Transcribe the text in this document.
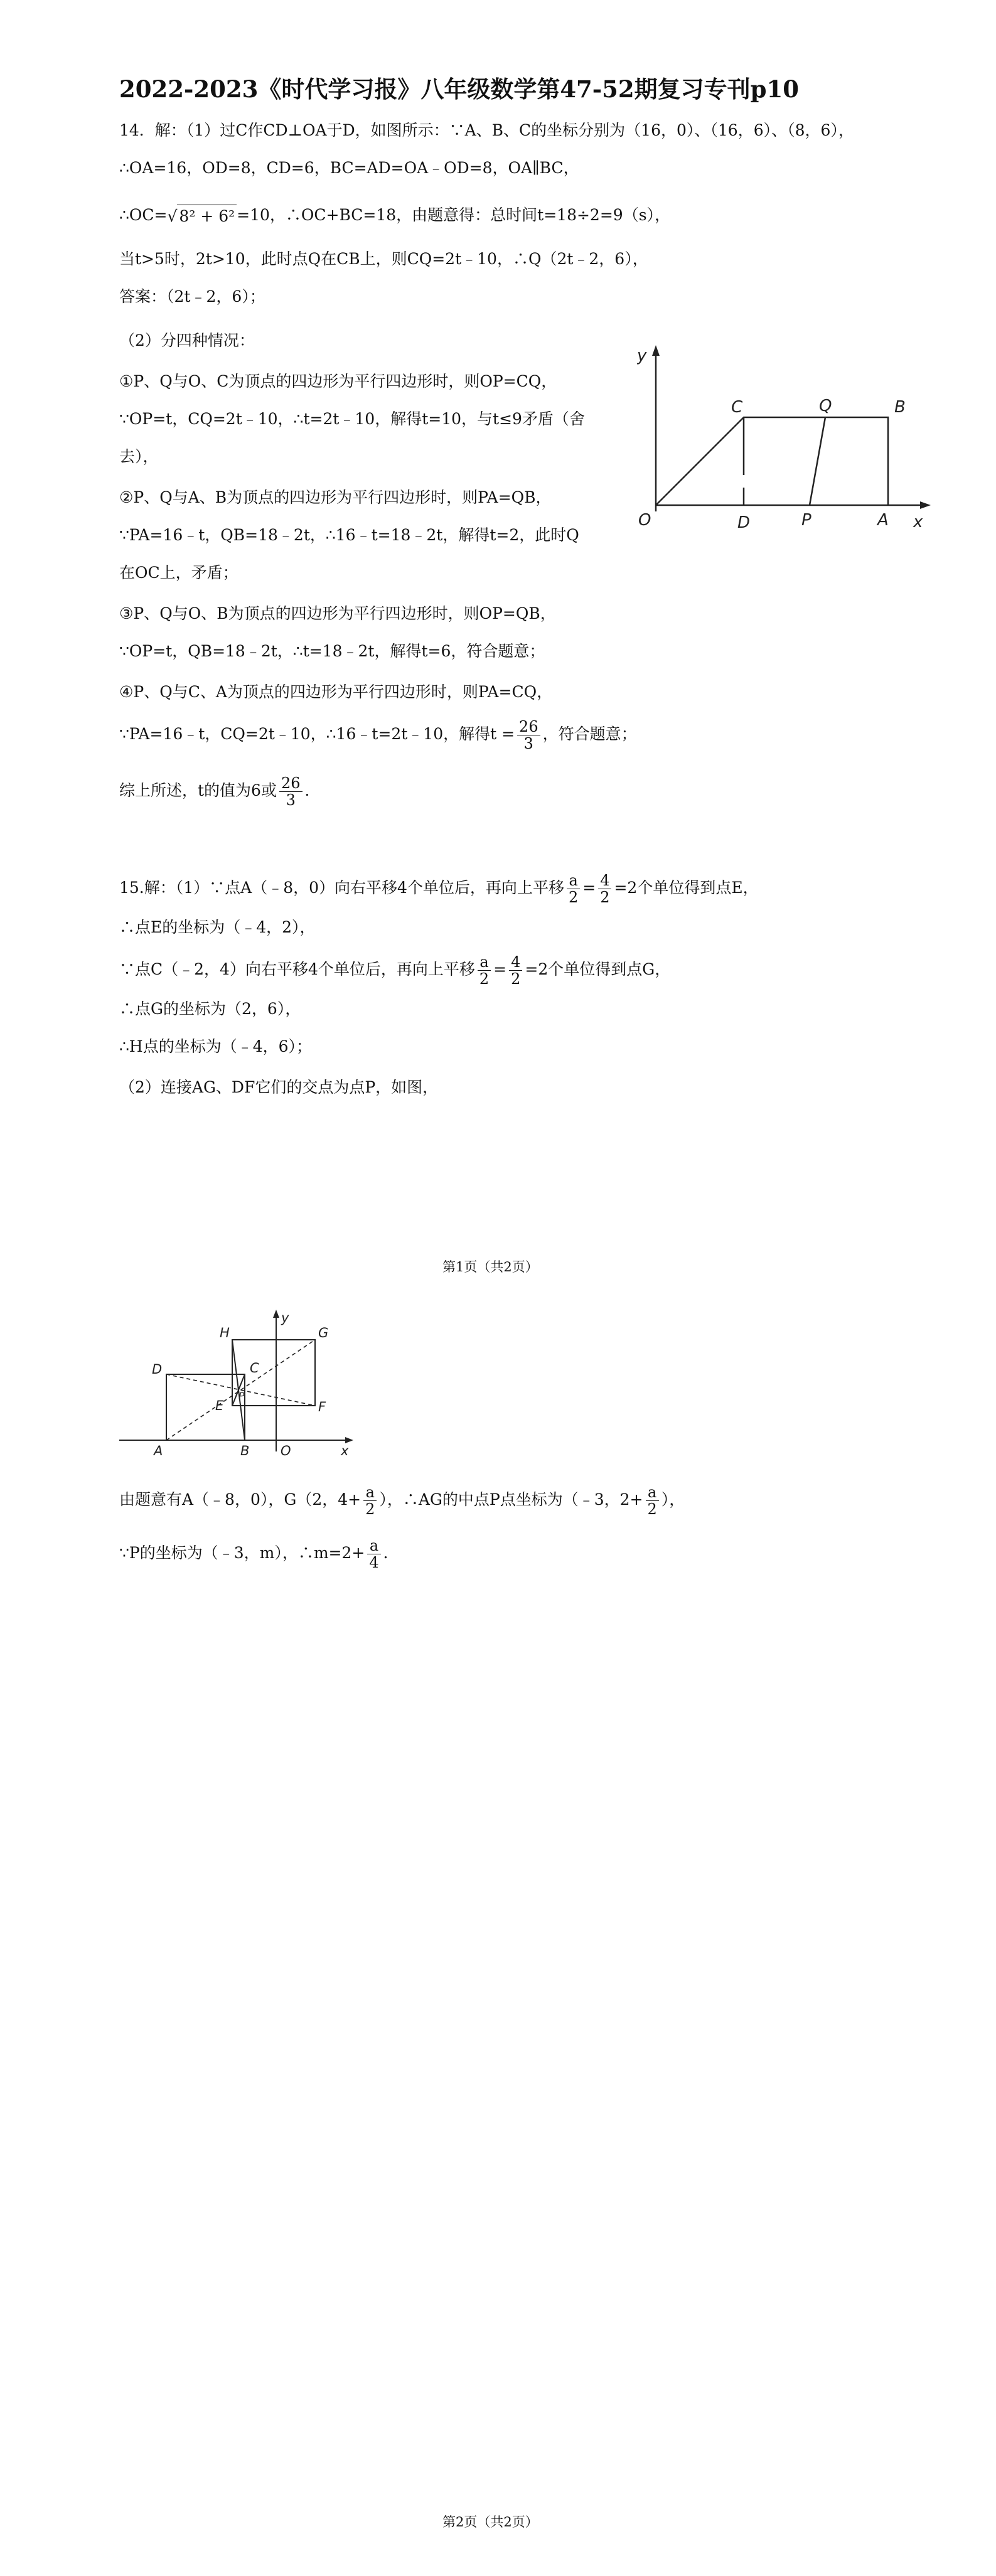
2022-2023《时代学习报》八年级数学第47-52期复习专刊p10
14．解：（1）过C作CD⊥OA于D，如图所示：∵A、B、C的坐标分别为（16，0）、（16，6）、（8，6），
∴OA=16，OD=8，CD=6，BC=AD=OA﹣OD=8，OA∥BC，
∴OC=√ 8² + 6² =10，∴OC+BC=18，由题意得：总时间t=18÷2=9（s），
当t>5时，2t>10，此时点Q在CB上，则CQ=2t﹣10，∴Q（2t﹣2，6），
答案：（2t﹣2，6）；
（2）分四种情况：
①P、Q与O、C为顶点的四边形为平行四边形时，则OP=CQ，
∵OP=t，CQ=2t﹣10，∴t=2t﹣10，解得t=10，与t≤9矛盾（舍
去），
②P、Q与A、B为顶点的四边形为平行四边形时，则PA=QB，
∵PA=16﹣t，QB=18﹣2t，∴16﹣t=18﹣2t，解得t=2，此时Q
在OC上，矛盾；
③P、Q与O、B为顶点的四边形为平行四边形时，则OP=QB，
∵OP=t，QB=18﹣2t，∴t=18﹣2t，解得t=6，符合题意；
④P、Q与C、A为顶点的四边形为平行四边形时，则PA=CQ，
∵PA=16﹣t，CQ=2t﹣10，∴16﹣t=2t﹣10，解得$t = \frac{26}{3}$ ，符合题意；
综上所述，t的值为6或 $\frac{26}{3}$ ．
y
C	Q	B
O	D	P	A x
15.解：（1）∵点A（﹣8，0）向右平移4个单位后，再向上平移 $\frac{a}{2} = \frac{4}{2} =2$个单位得到点E，
∴点E的坐标为（﹣4，2），
∵点C（﹣2，4）向右平移4个单位后，再向上平移 $\frac{a}{2} = \frac{4}{2} =2$个单位得到点G，
∴点G的坐标为（2，6），
∴H点的坐标为（﹣4，6）；
（2）连接AG、DF它们的交点为点P，如图，
第1页（共2页）
y
H	G
D	C
E
P
F
A	B O	x
由题意有A（﹣8，0），G（2，$4+ \frac{a}{2}$ ），∴AG的中点P点坐标为（﹣3，$2+ \frac{a}{2}$ ），
∵P的坐标为（﹣3，m），∴m=2+ $\frac{a}{4}$ ．
第2页（共2页）
